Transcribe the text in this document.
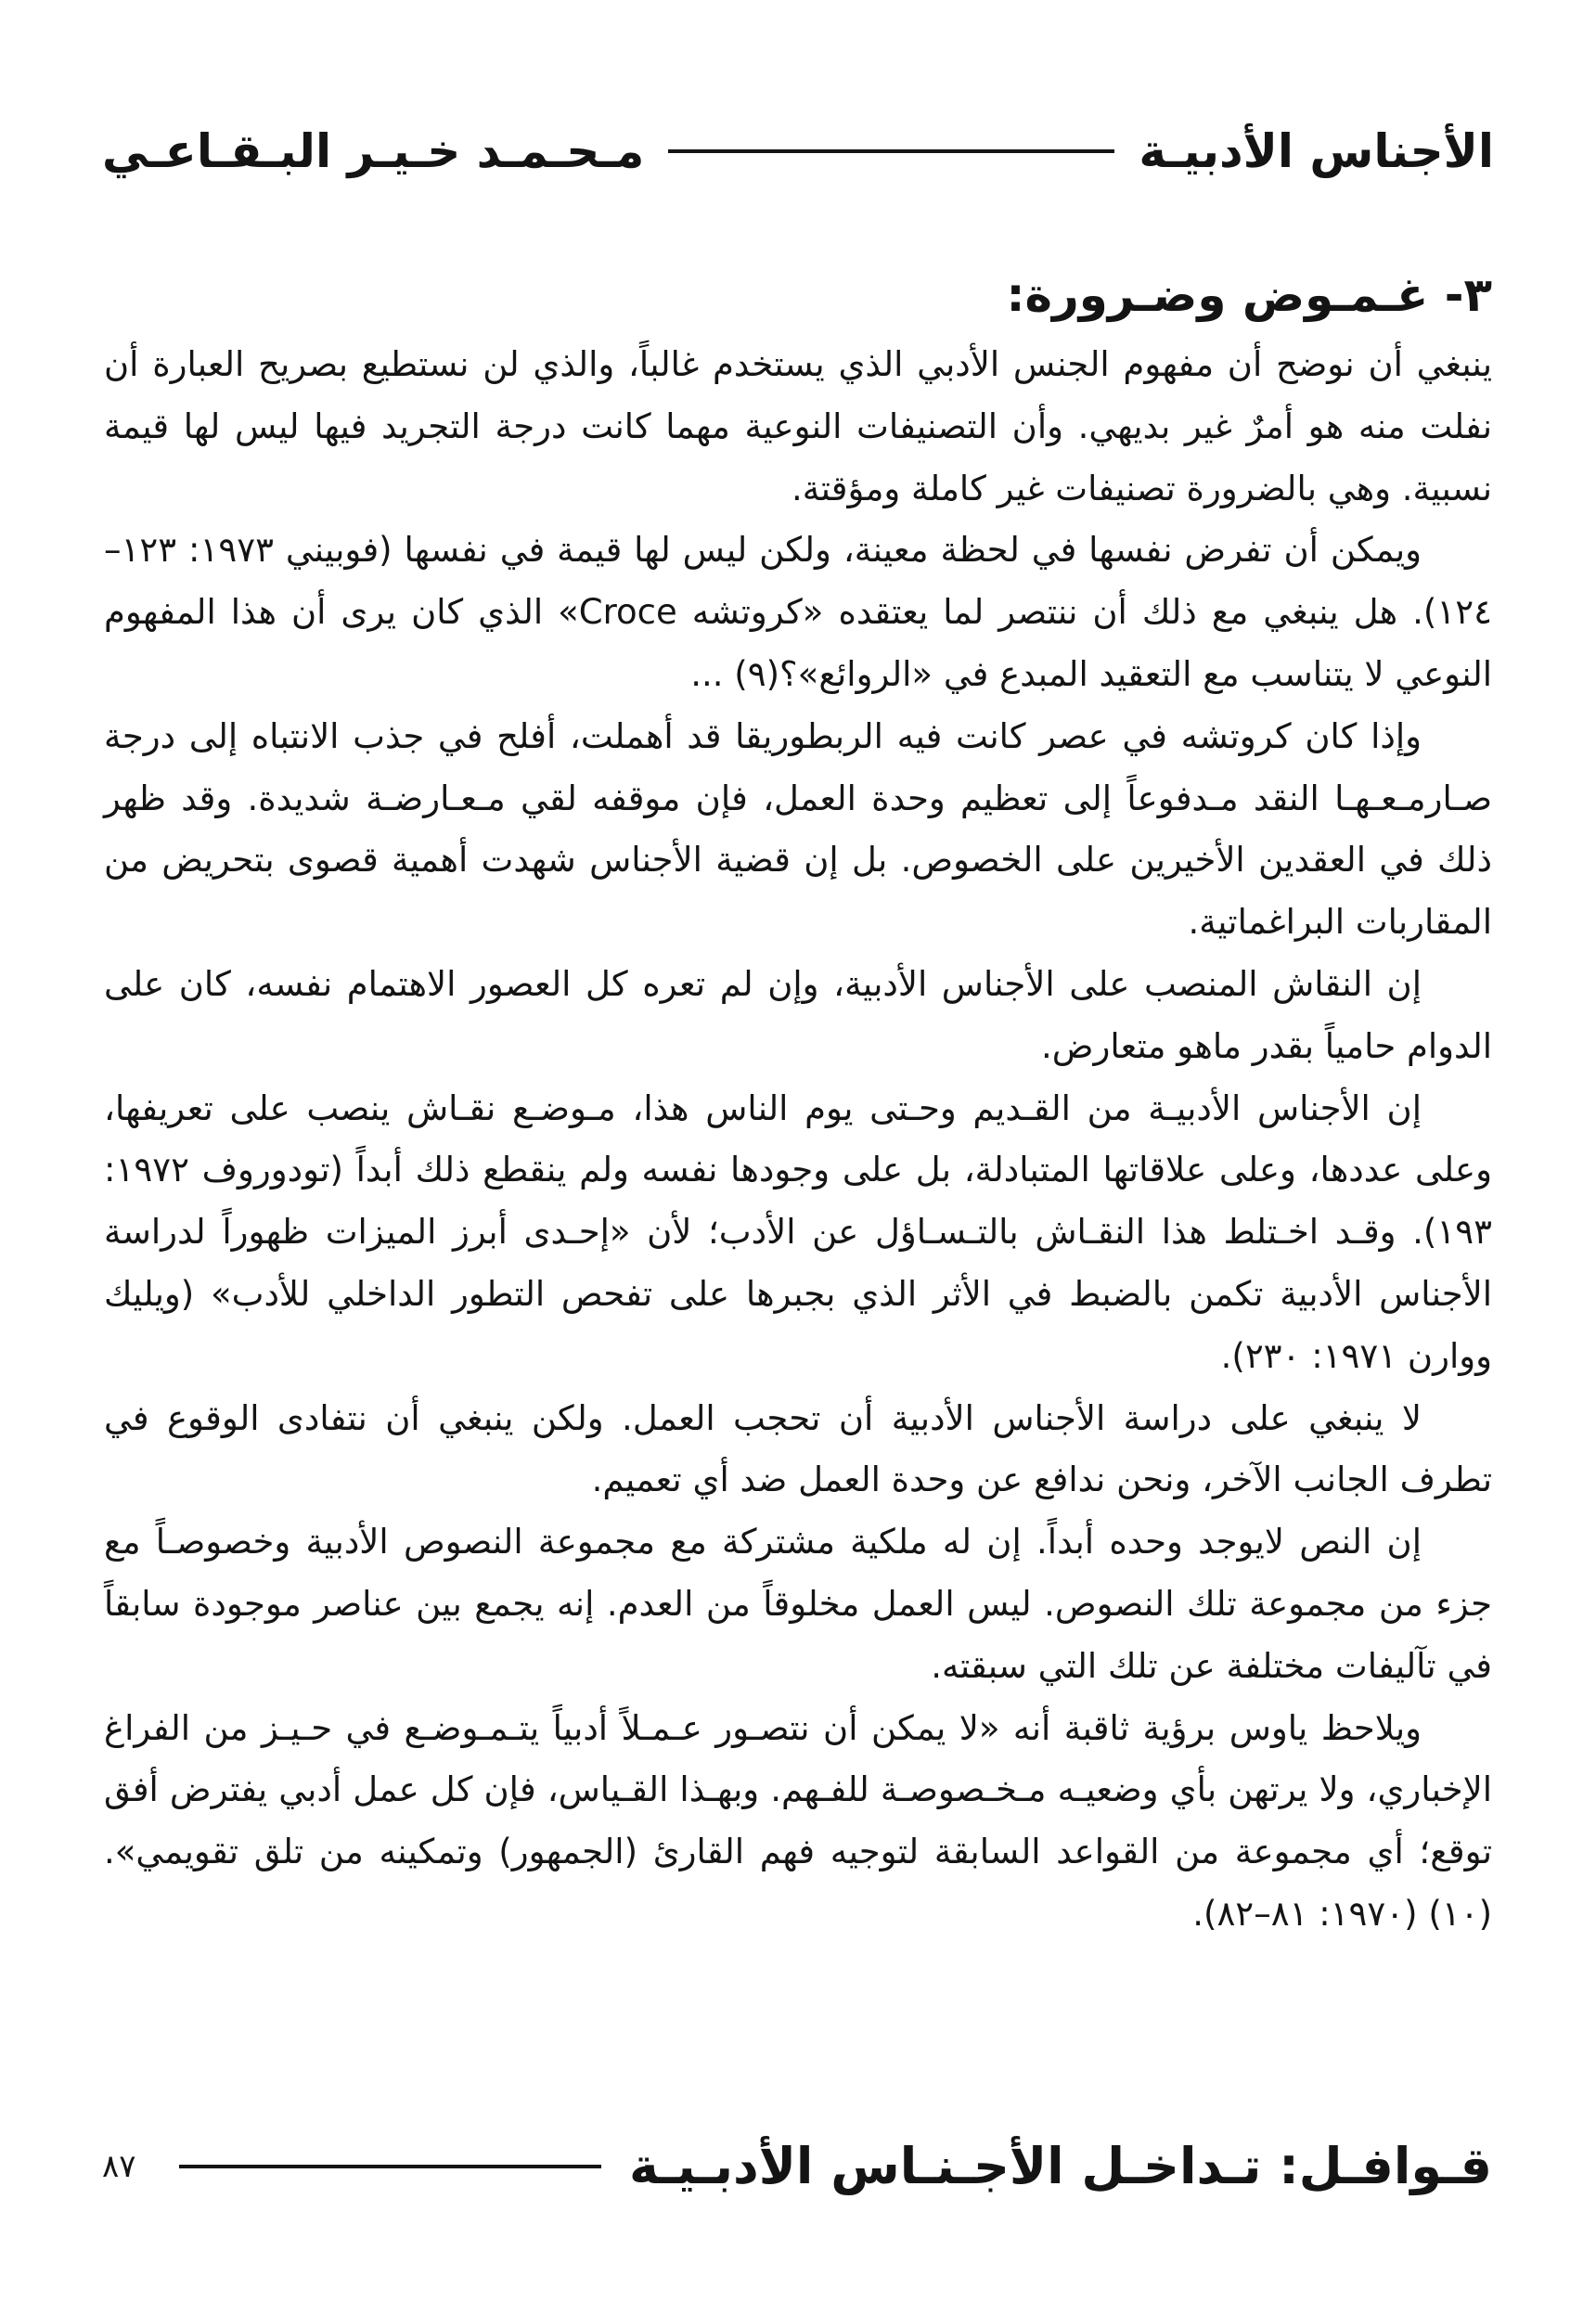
الأجناس الأدبيـة
مـحـمـد خـيـر البـقـاعـي
٣- غـمـوض وضـرورة:

ينبغي أن نوضح أن مفهوم الجنس الأدبي الذي يستخدم غالباً، والذي لن نستطيع بصريح العبارة أن نفلت منه هو أمرٌ غير بديهي. وأن التصنيفات النوعية مهما كانت درجة التجريد فيها ليس لها قيمة نسبية. وهي بالضرورة تصنيفات غير كاملة ومؤقتة.

ويمكن أن تفرض نفسها في لحظة معينة، ولكن ليس لها قيمة في نفسها (فوبيني ١٩٧٣: ١٢٣–١٢٤). هل ينبغي مع ذلك أن ننتصر لما يعتقده «كروتشه Croce» الذي كان يرى أن هذا المفهوم النوعي لا يتناسب مع التعقيد المبدع في «الروائع»؟(٩) ...

وإذا كان كروتشه في عصر كانت فيه الربطوريقا قد أهملت، أفلح في جذب الانتباه إلى درجة صـارمـعـهـا النقد مـدفوعاً إلى تعظيم وحدة العمل، فإن موقفه لقي مـعـارضـة شديدة. وقد ظهر ذلك في العقدين الأخيرين على الخصوص. بل إن قضية الأجناس شهدت أهمية قصوى بتحريض من المقاربات البراغماتية.

إن النقاش المنصب على الأجناس الأدبية، وإن لم تعره كل العصور الاهتمام نفسه، كان على الدوام حامياً بقدر ماهو متعارض.

إن الأجناس الأدبيـة من القـديم وحـتى يوم الناس هذا، مـوضـع نقـاش ينصب على تعريفها، وعلى عددها، وعلى علاقاتها المتبادلة، بل على وجودها نفسه ولم ينقطع ذلك أبداً (تودوروف ١٩٧٢: ١٩٣). وقـد اخـتلط هذا النقـاش بالتـسـاؤل عن الأدب؛ لأن «إحـدى أبرز الميزات ظهوراً لدراسة الأجناس الأدبية تكمن بالضبط في الأثر الذي بجبرها على تفحص التطور الداخلي للأدب» (ويليك ووارن ١٩٧١: ٢٣٠).

لا ينبغي على دراسة الأجناس الأدبية أن تحجب العمل. ولكن ينبغي أن نتفادى الوقوع في تطرف الجانب الآخر، ونحن ندافع عن وحدة العمل ضد أي تعميم.

إن النص لايوجد وحده أبداً. إن له ملكية مشتركة مع مجموعة النصوص الأدبية وخصوصـاً مع جزء من مجموعة تلك النصوص. ليس العمل مخلوقاً من العدم. إنه يجمع بين عناصر موجودة سابقاً في تآليفات مختلفة عن تلك التي سبقته.

ويلاحظ ياوس برؤية ثاقبة أنه «لا يمكن أن نتصـور عـمـلاً أدبياً يتـمـوضـع في حـيـز من الفراغ الإخباري، ولا يرتهن بأي وضعيـه مـخـصوصـة للفـهم. وبهـذا القـياس، فإن كل عمل أدبي يفترض أفق توقع؛ أي مجموعة من القواعد السابقة لتوجيه فهم القارئ (الجمهور) وتمكينه من تلق تقويمي».(١٠) (١٩٧٠: ٨١–٨٢).

قـوافـل: تـداخـل الأجـنـاس الأدبـيـة
٨٧
